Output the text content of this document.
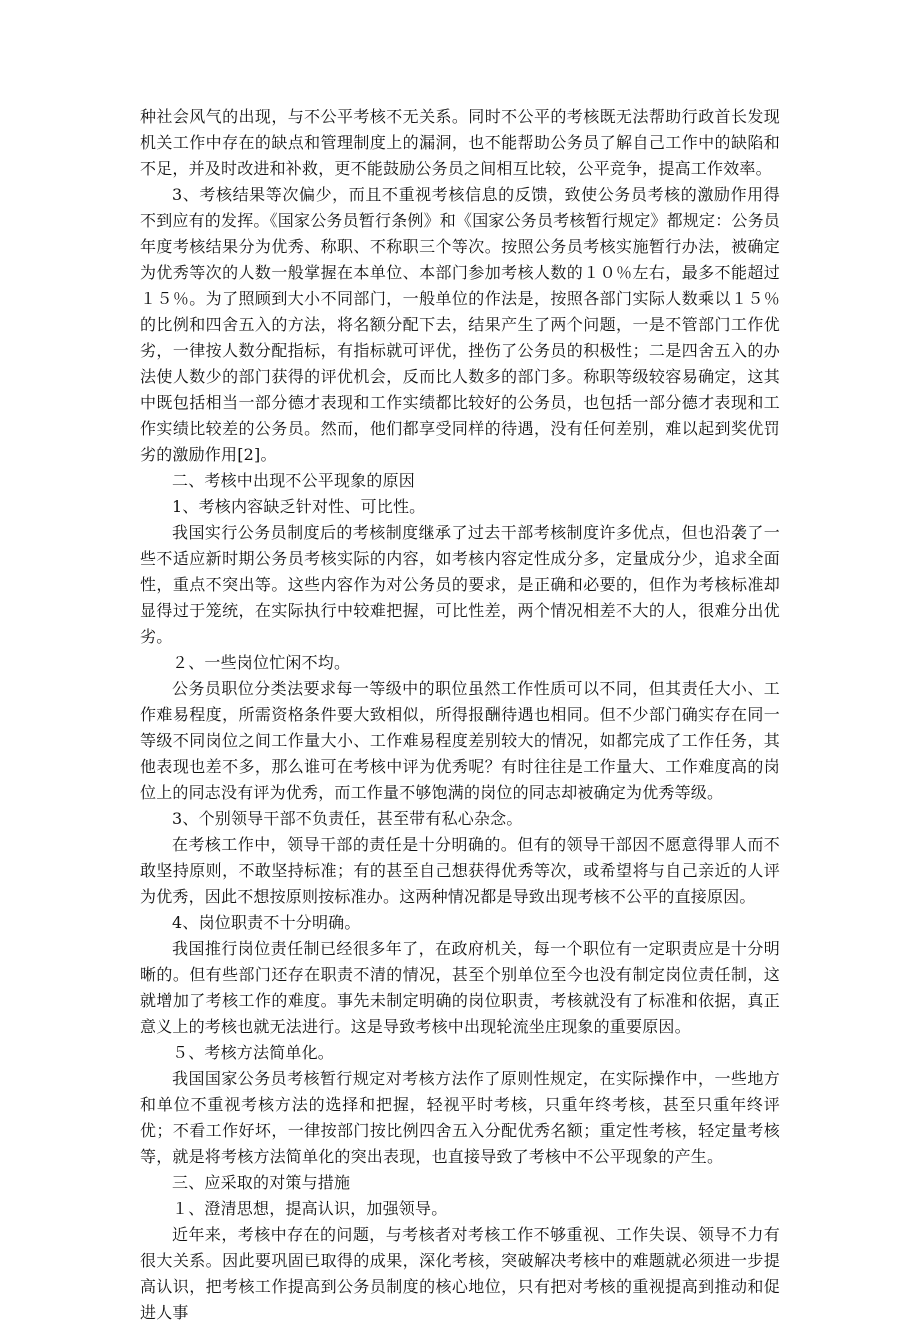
种社会风气的出现，与不公平考核不无关系。同时不公平的考核既无法帮助行政首长发现机关工作中存在的缺点和管理制度上的漏洞，也不能帮助公务员了解自己工作中的缺陷和不足，并及时改进和补救，更不能鼓励公务员之间相互比较，公平竞争，提高工作效率。

3、考核结果等次偏少，而且不重视考核信息的反馈，致使公务员考核的激励作用得不到应有的发挥。《国家公务员暂行条例》和《国家公务员考核暂行规定》都规定：公务员年度考核结果分为优秀、称职、不称职三个等次。按照公务员考核实施暂行办法，被确定为优秀等次的人数一般掌握在本单位、本部门参加考核人数的１０％左右，最多不能超过１５％。为了照顾到大小不同部门，一般单位的作法是，按照各部门实际人数乘以１５％的比例和四舍五入的方法，将名额分配下去，结果产生了两个问题，一是不管部门工作优劣，一律按人数分配指标，有指标就可评优，挫伤了公务员的积极性；二是四舍五入的办法使人数少的部门获得的评优机会，反而比人数多的部门多。称职等级较容易确定，这其中既包括相当一部分德才表现和工作实绩都比较好的公务员，也包括一部分德才表现和工作实绩比较差的公务员。然而，他们都享受同样的待遇，没有任何差别，难以起到奖优罚劣的激励作用[2]。

二、考核中出现不公平现象的原因

1、考核内容缺乏针对性、可比性。

我国实行公务员制度后的考核制度继承了过去干部考核制度许多优点，但也沿袭了一些不适应新时期公务员考核实际的内容，如考核内容定性成分多，定量成分少，追求全面性，重点不突出等。这些内容作为对公务员的要求，是正确和必要的，但作为考核标准却显得过于笼统，在实际执行中较难把握，可比性差，两个情况相差不大的人，很难分出优劣。

２、一些岗位忙闲不均。

公务员职位分类法要求每一等级中的职位虽然工作性质可以不同，但其责任大小、工作难易程度，所需资格条件要大致相似，所得报酬待遇也相同。但不少部门确实存在同一等级不同岗位之间工作量大小、工作难易程度差别较大的情况，如都完成了工作任务，其他表现也差不多，那么谁可在考核中评为优秀呢？有时往往是工作量大、工作难度高的岗位上的同志没有评为优秀，而工作量不够饱满的岗位的同志却被确定为优秀等级。

3、个别领导干部不负责任，甚至带有私心杂念。

在考核工作中，领导干部的责任是十分明确的。但有的领导干部因不愿意得罪人而不敢坚持原则，不敢坚持标准；有的甚至自己想获得优秀等次，或希望将与自己亲近的人评为优秀，因此不想按原则按标准办。这两种情况都是导致出现考核不公平的直接原因。

4、岗位职责不十分明确。

我国推行岗位责任制已经很多年了，在政府机关，每一个职位有一定职责应是十分明晰的。但有些部门还存在职责不清的情况，甚至个别单位至今也没有制定岗位责任制，这就增加了考核工作的难度。事先未制定明确的岗位职责，考核就没有了标准和依据，真正意义上的考核也就无法进行。这是导致考核中出现轮流坐庄现象的重要原因。

５、考核方法简单化。

我国国家公务员考核暂行规定对考核方法作了原则性规定，在实际操作中，一些地方和单位不重视考核方法的选择和把握，轻视平时考核，只重年终考核，甚至只重年终评优；不看工作好坏，一律按部门按比例四舍五入分配优秀名额；重定性考核，轻定量考核等，就是将考核方法简单化的突出表现，也直接导致了考核中不公平现象的产生。

三、应采取的对策与措施

１、澄清思想，提高认识，加强领导。

近年来，考核中存在的问题，与考核者对考核工作不够重视、工作失误、领导不力有很大关系。因此要巩固已取得的成果，深化考核，突破解决考核中的难题就必须进一步提高认识，把考核工作提高到公务员制度的核心地位，只有把对考核的重视提高到推动和促进人事
